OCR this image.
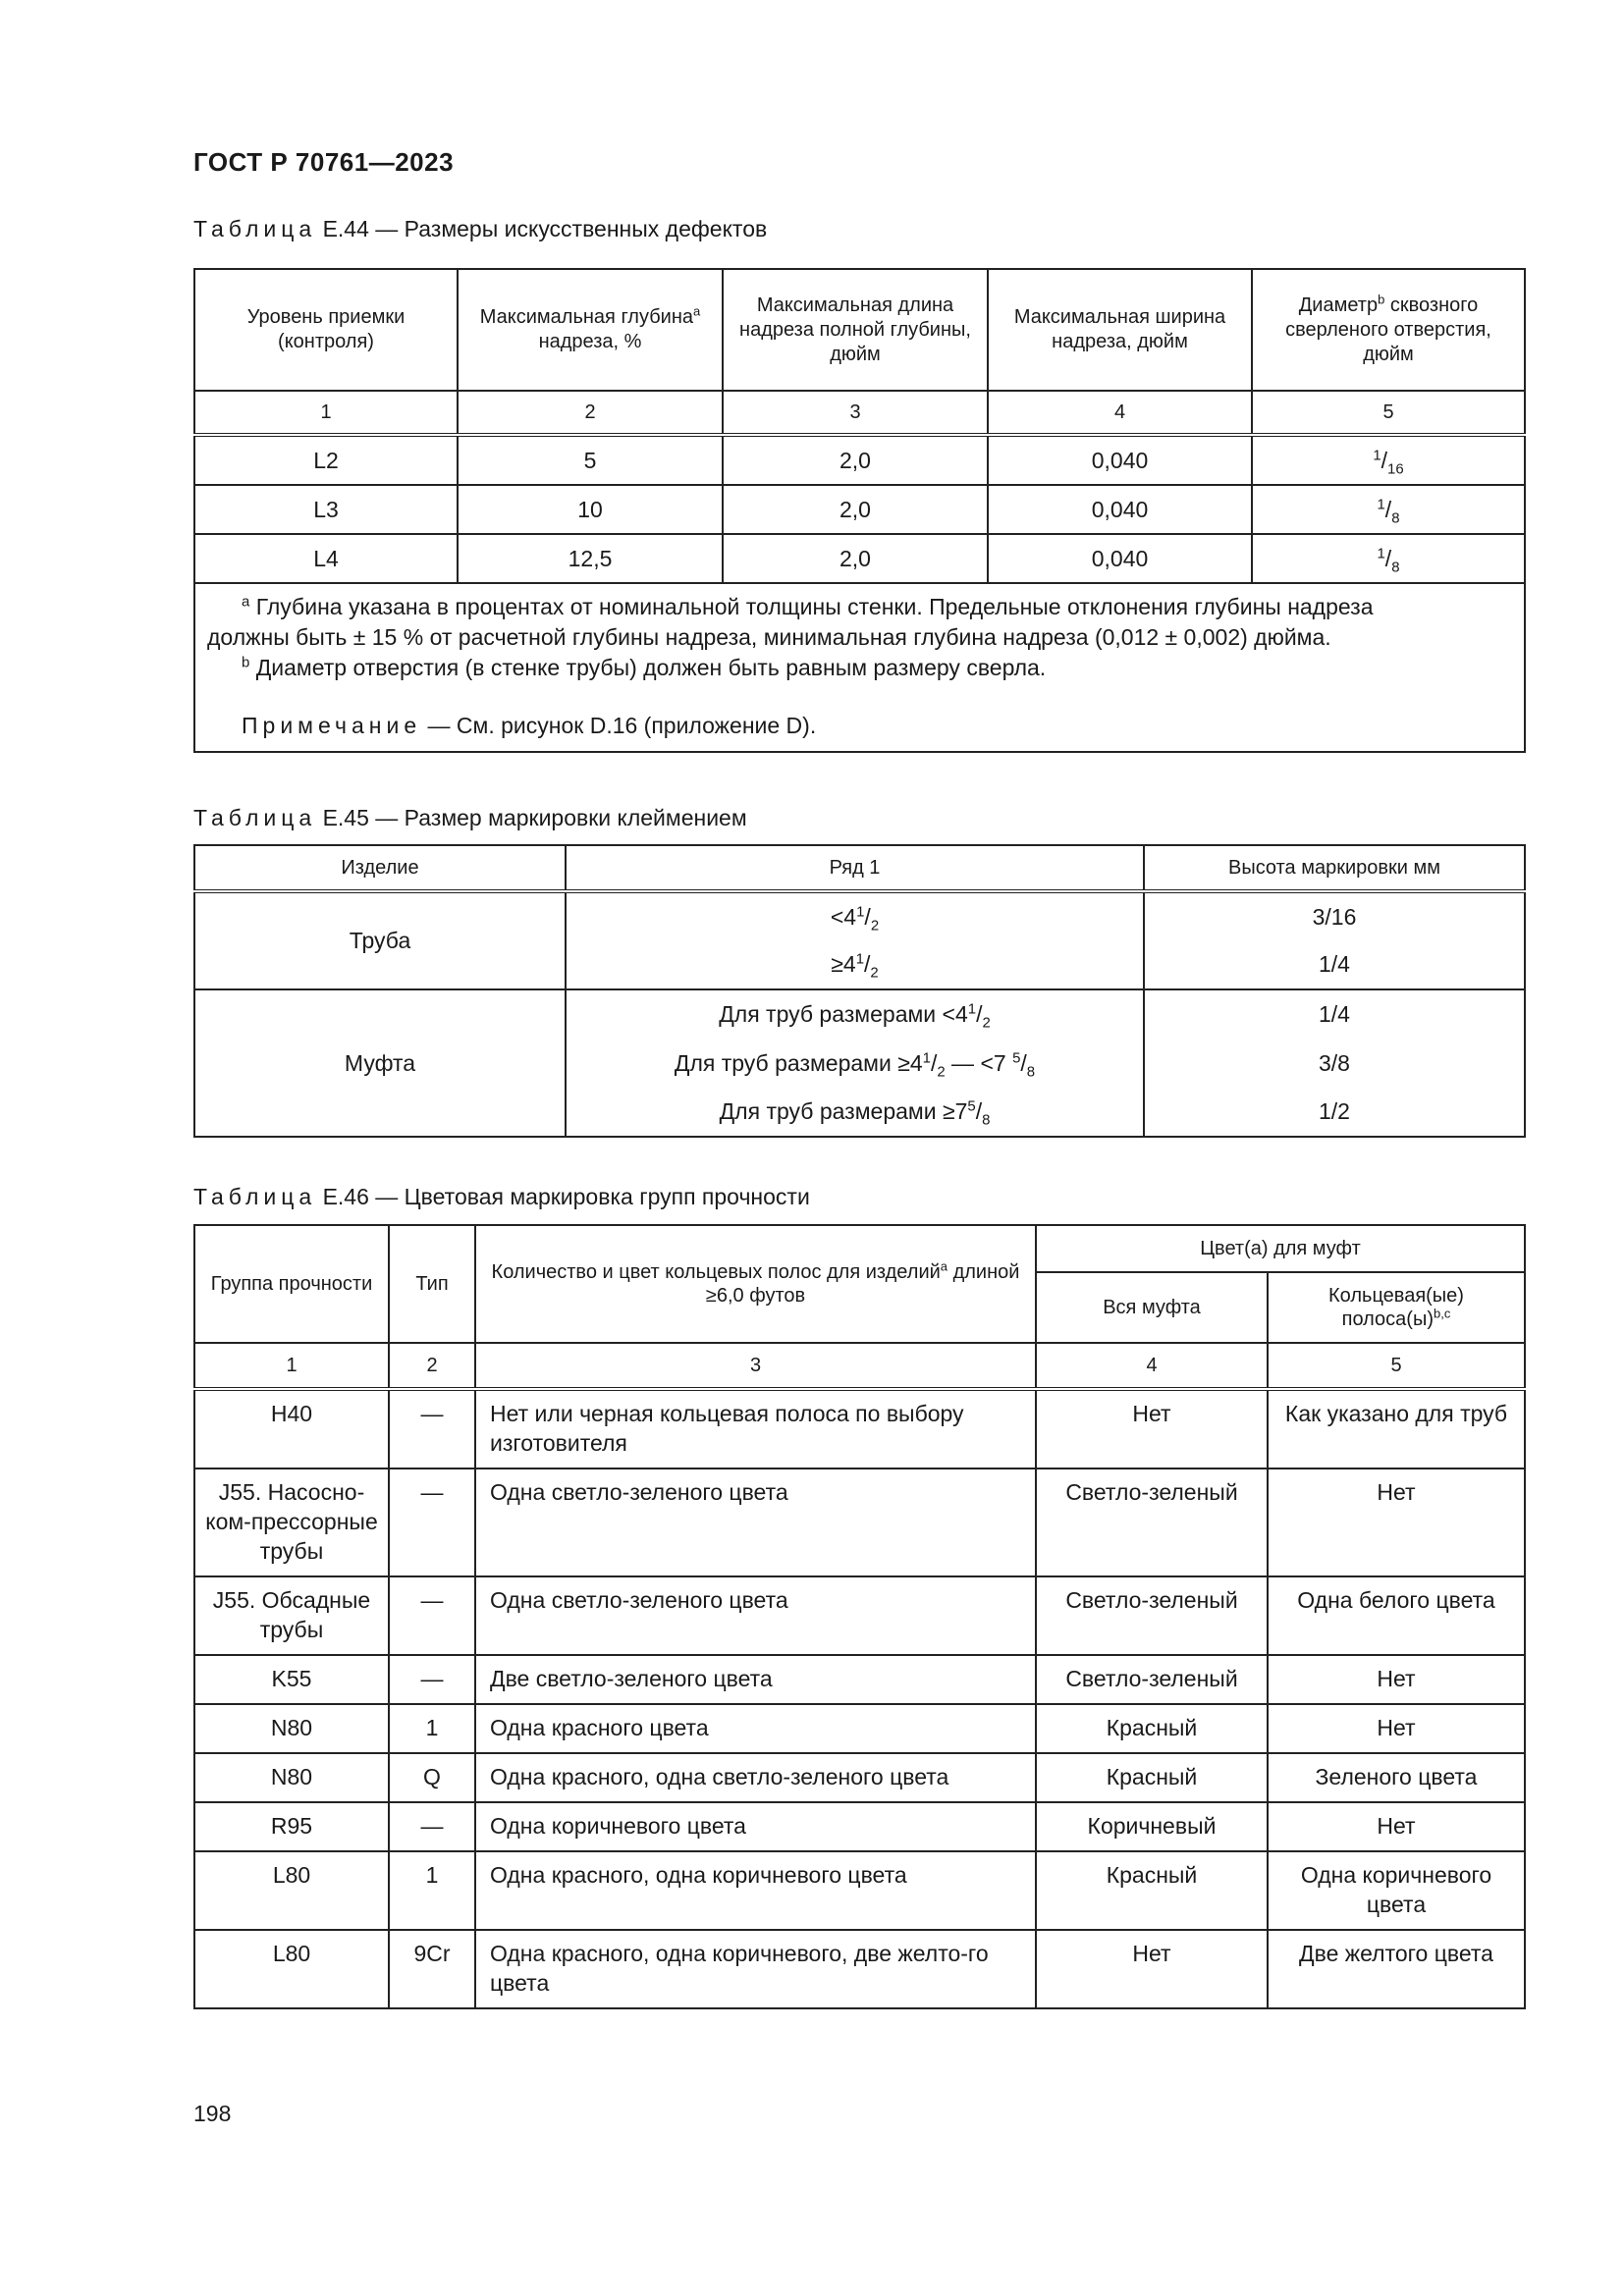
ГОСТ Р 70761—2023
Таблица Е.44 — Размеры искусственных дефектов
Уровень приемки (контроля)	Максимальная глубина$^a$ надреза, %	Максимальная длина надреза полной глубины, дюйм	Максимальная ширина надреза, дюйм	Диаметр$^b$ сквозного сверленого отверстия, дюйм
1	2	3	4	5
L2	5	2,0	0,040	$^1/_{16}$
L3	10	2,0	0,040	$^1/_8$
L4	12,5	2,0	0,040	$^1/_8$

$^a$ Глубина указана в процентах от номинальной толщины стенки. Предельные отклонения глубины надреза
должны быть ± 15 % от расчетной глубины надреза, минимальная глубина надреза (0,012 ± 0,002) дюйма.
$^b$ Диаметр отверстия (в стенке трубы) должен быть равным размеру сверла.
Примечание — См. рисунок D.16 (приложение D).				
Таблица Е.45 — Размер маркировки клеймением
Изделие	Ряд 1	Высота маркировки мм
Труба	$<4^1/_2$	3/16
	$\ge 4^1/_2$	1/4
Муфта	Для труб размерами $<4^1/_2$	1/4
	Для труб размерами $\ge 4^1/_2$ — <7 $^5/_8$	3/8
	Для труб размерами $\ge 7^5/_8$	1/2
Таблица Е.46 — Цветовая маркировка групп прочности
Группа прочности	Тип	Количество и цвет кольцевых полос для изделий$^a$ длиной ≥6,0 футов	Цвет(а) для муфт	
			Вся муфта	Кольцевая(ые) $полоса(ы)^{b,c}$
1	2	3	4	5
H40	—	Нет или черная кольцевая полоса по выбору изготовителя	Нет	Как указано для труб
J55. Насосно-ком-прессорные трубы	—	Одна светло-зеленого цвета	Светло-зеленый	Нет
J55. Обсадные трубы	—	Одна светло-зеленого цвета	Светло-зеленый	Одна белого цвета
K55	—	Две светло-зеленого цвета	Светло-зеленый	Нет
N80	1	Одна красного цвета	Красный	Нет
N80	Q	Одна красного, одна светло-зеленого цвета	Красный	Зеленого цвета
R95	—	Одна коричневого цвета	Коричневый	Нет
L80	1	Одна красного, одна коричневого цвета	Красный	Одна коричневого цвета
L80	9Cr	Одна красного, одна коричневого, две желто-го цвета	Нет	Две желтого цвета
198
